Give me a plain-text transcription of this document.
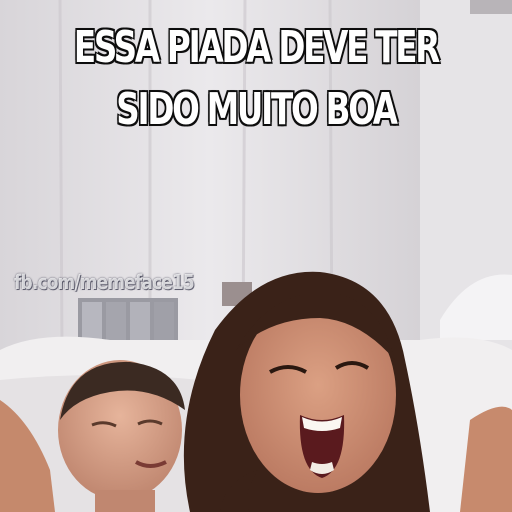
ESSA PIADA DEVE TER
SIDO MUITO BOA
fb.com/memeface15
